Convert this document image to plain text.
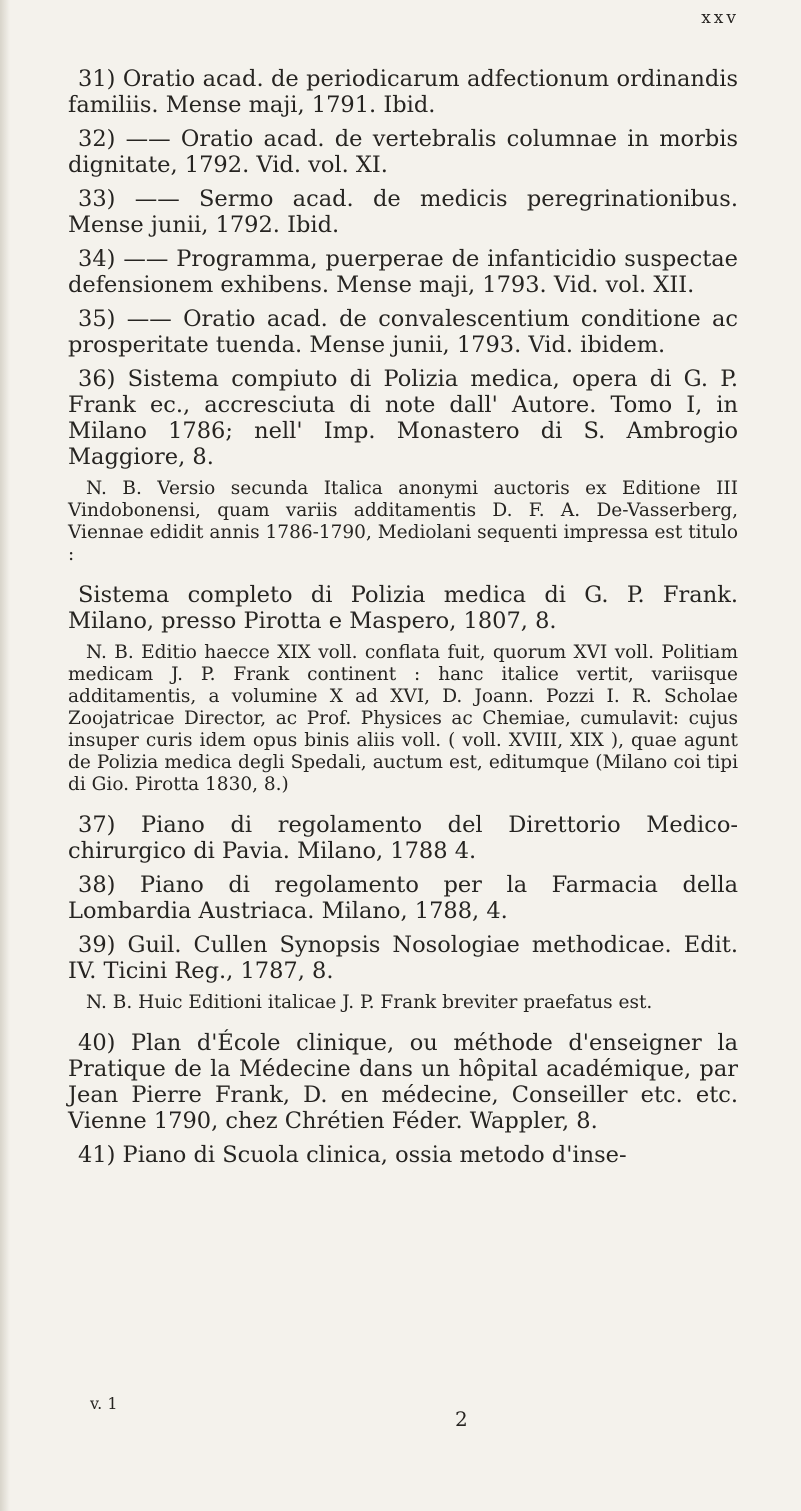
xxv

31) Oratio acad. de periodicarum adfectionum ordinandis familiis. Mense maji, 1791. Ibid.

32) —— Oratio acad. de vertebralis columnae in morbis dignitate, 1792. Vid. vol. XI.

33) —— Sermo acad. de medicis peregrinationibus. Mense junii, 1792. Ibid.

34) —— Programma, puerperae de infanticidio suspectae defensionem exhibens. Mense maji, 1793. Vid. vol. XII.

35) —— Oratio acad. de convalescentium conditione ac prosperitate tuenda. Mense junii, 1793. Vid. ibidem.

36) Sistema compiuto di Polizia medica, opera di G. P. Frank ec., accresciuta di note dall' Autore. Tomo I, in Milano 1786; nell' Imp. Monastero di S. Ambrogio Maggiore, 8.

N. B. Versio secunda Italica anonymi auctoris ex Editione III Vindobonensi, quam variis additamentis D. F. A. De-Vasserberg, Viennae edidit annis 1786-1790, Mediolani sequenti impressa est titulo :

Sistema completo di Polizia medica di G. P. Frank. Milano, presso Pirotta e Maspero, 1807, 8.

N. B. Editio haecce XIX voll. conflata fuit, quorum XVI voll. Politiam medicam J. P. Frank continent : hanc italice vertit, variisque additamentis, a volumine X ad XVI, D. Joann. Pozzi I. R. Scholae Zoojatricae Director, ac Prof. Physices ac Chemiae, cumulavit: cujus insuper curis idem opus binis aliis voll. ( voll. XVIII, XIX ), quae agunt de Polizia medica degli Spedali, auctum est, editumque (Milano coi tipi di Gio. Pirotta 1830, 8.)

37) Piano di regolamento del Direttorio Medico-chirurgico di Pavia. Milano, 1788 4.

38) Piano di regolamento per la Farmacia della Lombardia Austriaca. Milano, 1788, 4.

39) Guil. Cullen Synopsis Nosologiae methodicae. Edit. IV. Ticini Reg., 1787, 8.

N. B. Huic Editioni italicae J. P. Frank breviter praefatus est.

40) Plan d'École clinique, ou méthode d'enseigner la Pratique de la Médecine dans un hôpital académique, par Jean Pierre Frank, D. en médecine, Conseiller etc. etc. Vienne 1790, chez Chrétien Féder. Wappler, 8.

41) Piano di Scuola clinica, ossia metodo d'inse-

v. 1
2
